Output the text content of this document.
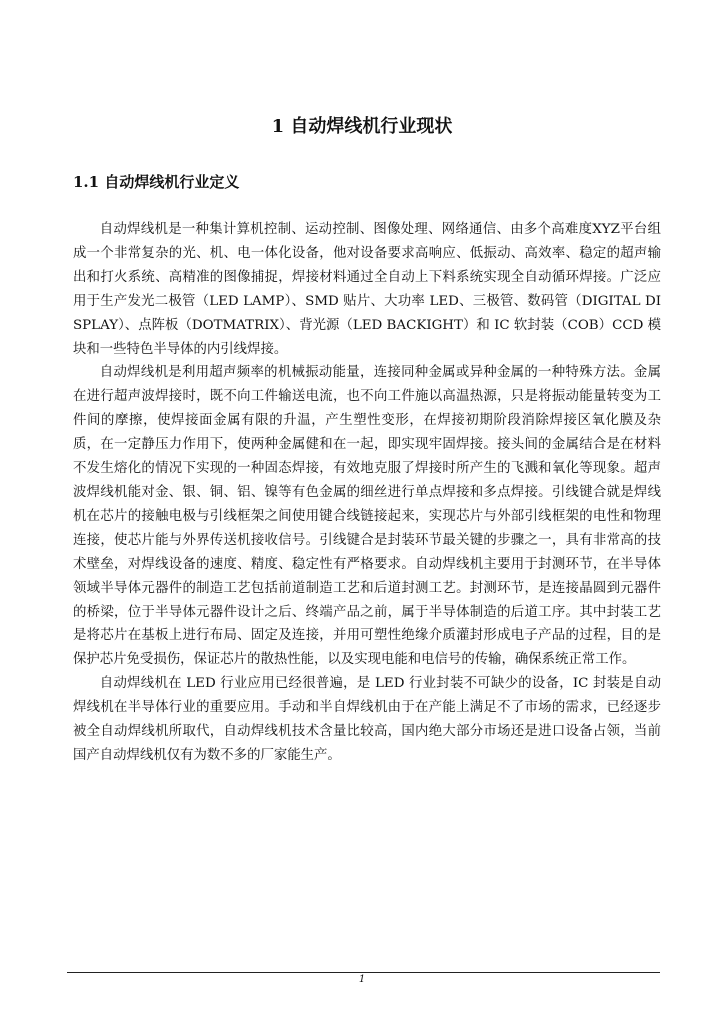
1 自动焊线机行业现状
1.1 自动焊线机行业定义

自动焊线机是一种集计算机控制、运动控制、图像处理、网络通信、由多个高难度XYZ平台组成一个非常复杂的光、机、电一体化设备，他对设备要求高响应、低振动、高效率、稳定的超声输出和打火系统、高精准的图像捕捉，焊接材料通过全自动上下料系统实现全自动循环焊接。广泛应用于生产发光二极管（LED LAMP）、SMD 贴片、大功率 LED、三极管、数码管（DIGITAL DISPLAY）、点阵板（DOTMATRIX）、背光源（LED BACKIGHT）和 IC 软封装（COB）CCD 模块和一些特色半导体的内引线焊接。

自动焊线机是利用超声频率的机械振动能量，连接同种金属或异种金属的一种特殊方法。金属在进行超声波焊接时，既不向工件输送电流，也不向工件施以高温热源，只是将振动能量转变为工件间的摩擦，使焊接面金属有限的升温，产生塑性变形，在焊接初期阶段消除焊接区氧化膜及杂质，在一定静压力作用下，使两种金属健和在一起，即实现牢固焊接。接头间的金属结合是在材料不发生熔化的情况下实现的一种固态焊接，有效地克服了焊接时所产生的飞溅和氧化等现象。超声波焊线机能对金、银、铜、铝、镍等有色金属的细丝进行单点焊接和多点焊接。引线键合就是焊线机在芯片的接触电极与引线框架之间使用键合线链接起来，实现芯片与外部引线框架的电性和物理连接，使芯片能与外界传送机接收信号。引线键合是封装环节最关键的步骤之一，具有非常高的技术壁垒，对焊线设备的速度、精度、稳定性有严格要求。自动焊线机主要用于封测环节，在半导体领域半导体元器件的制造工艺包括前道制造工艺和后道封测工艺。封测环节，是连接晶圆到元器件的桥梁，位于半导体元器件设计之后、终端产品之前，属于半导体制造的后道工序。其中封装工艺是将芯片在基板上进行布局、固定及连接，并用可塑性绝缘介质灌封形成电子产品的过程，目的是保护芯片免受损伤，保证芯片的散热性能，以及实现电能和电信号的传输，确保系统正常工作。

自动焊线机在 LED 行业应用已经很普遍，是 LED 行业封装不可缺少的设备，IC 封装是自动焊线机在半导体行业的重要应用。手动和半自焊线机由于在产能上满足不了市场的需求，已经逐步被全自动焊线机所取代，自动焊线机技术含量比较高，国内绝大部分市场还是进口设备占领，当前国产自动焊线机仅有为数不多的厂家能生产。

1
